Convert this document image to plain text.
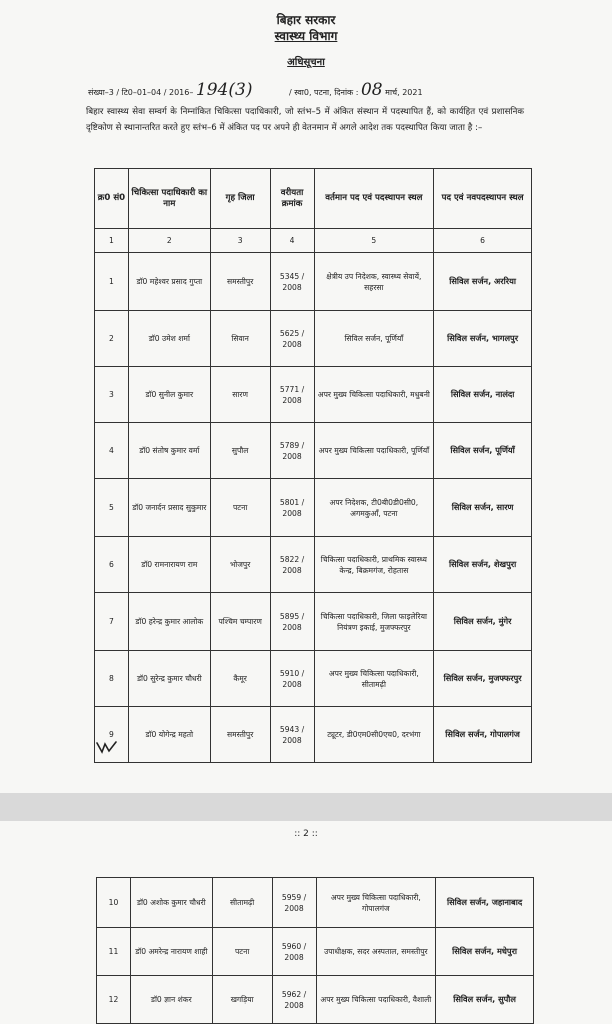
बिहार सरकार
स्वास्थ्य विभाग
अधिसूचना
संख्या–3 / टि0–01–04 / 2016– 194(3)	/ स्वा0, पटना, दिनांक : 08 मार्च, 2021
बिहार स्वास्थ्य सेवा सम्वर्ग के निम्नांकित चिकित्सा पदाधिकारी, जो स्तंभ–5 में अंकित संस्थान में पदस्थापित हैं, को कार्यहित एवं प्रशासनिक दृष्टिकोण से स्थानान्तरित करते हुए स्तंभ–6 में अंकित पद पर अपने ही वेतनमान में अगले आदेश तक पदस्थापित किया जाता है :–
क्र0 सं0	चिकित्सा पदाधिकारी का नाम	गृह जिला	वरीयता क्रमांक	वर्तमान पद एवं पदस्थापन स्थल	पद एवं नवपदस्थापन स्थल
1	2	3	4	5	6
1	डॉ0 महेश्वर प्रसाद गुप्ता	समस्तीपुर	5345 / 2008	क्षेत्रीय उप निदेशक, स्वास्थ्य सेवायें, सहरसा	सिविल सर्जन, अररिया
2	डॉ0 उमेश शर्मा	सिवान	5625 / 2008	सिविल सर्जन, पूर्णियाँ	सिविल सर्जन, भागलपुर
3	डॉ0 सुनील कुमार	सारण	5771 / 2008	अपर मुख्य चिकित्सा पदाधिकारी, मधुबनी	सिविल सर्जन, नालंदा
4	डॉ0 संतोष कुमार वर्मा	सुपौल	5789 / 2008	अपर मुख्य चिकित्सा पदाधिकारी, पूर्णियाँ	सिविल सर्जन, पूर्णियाँ
5	डॉ0 जनार्दन प्रसाद सुकुमार	पटना	5801 / 2008	अपर निदेशक, टी0बी0डी0सी0, अगमकुआँ, पटना	सिविल सर्जन, सारण
6	डॉ0 रामनारायण राम	भोजपुर	5822 / 2008	चिकित्सा पदाधिकारी, प्राथमिक स्वास्थ्य केन्द्र, बिक्रमगंज, रोहतास	सिविल सर्जन, शेखपुरा
7	डॉ0 हरेन्द्र कुमार आलोक	पश्चिम चम्पारण	5895 / 2008	चिकित्सा पदाधिकारी, जिला फाइलेरिया नियंत्रण इकाई, मुजफ्फरपुर	सिविल सर्जन, मुंगेर
8	डॉ0 सुरेन्द्र कुमार चौधरी	कैमूर	5910 / 2008	अपर मुख्य चिकित्सा पदाधिकारी, सीतामढ़ी	सिविल सर्जन, मुजफ्फरपुर
9	डॉ0 योगेन्द्र महतो	समस्तीपुर	5943 / 2008	ट्यूटर, डी0एम0सी0एच0, दरभंगा	सिविल सर्जन, गोपालगंज
:: 2 ::
10	डॉ0 अशोक कुमार चौधरी	सीतामढ़ी	5959 / 2008	अपर मुख्य चिकित्सा पदाधिकारी, गोपालगंज	सिविल सर्जन, जहानाबाद
11	डॉ0 अमरेन्द्र नारायण शाही	पटना	5960 / 2008	उपाधीक्षक, सदर अस्पताल, समस्तीपुर	सिविल सर्जन, मधेपुरा
12	डॉ0 ज्ञान शंकर	खगड़िया	5962 / 2008	अपर मुख्य चिकित्सा पदाधिकारी, वैशाली	सिविल सर्जन, सुपौल
